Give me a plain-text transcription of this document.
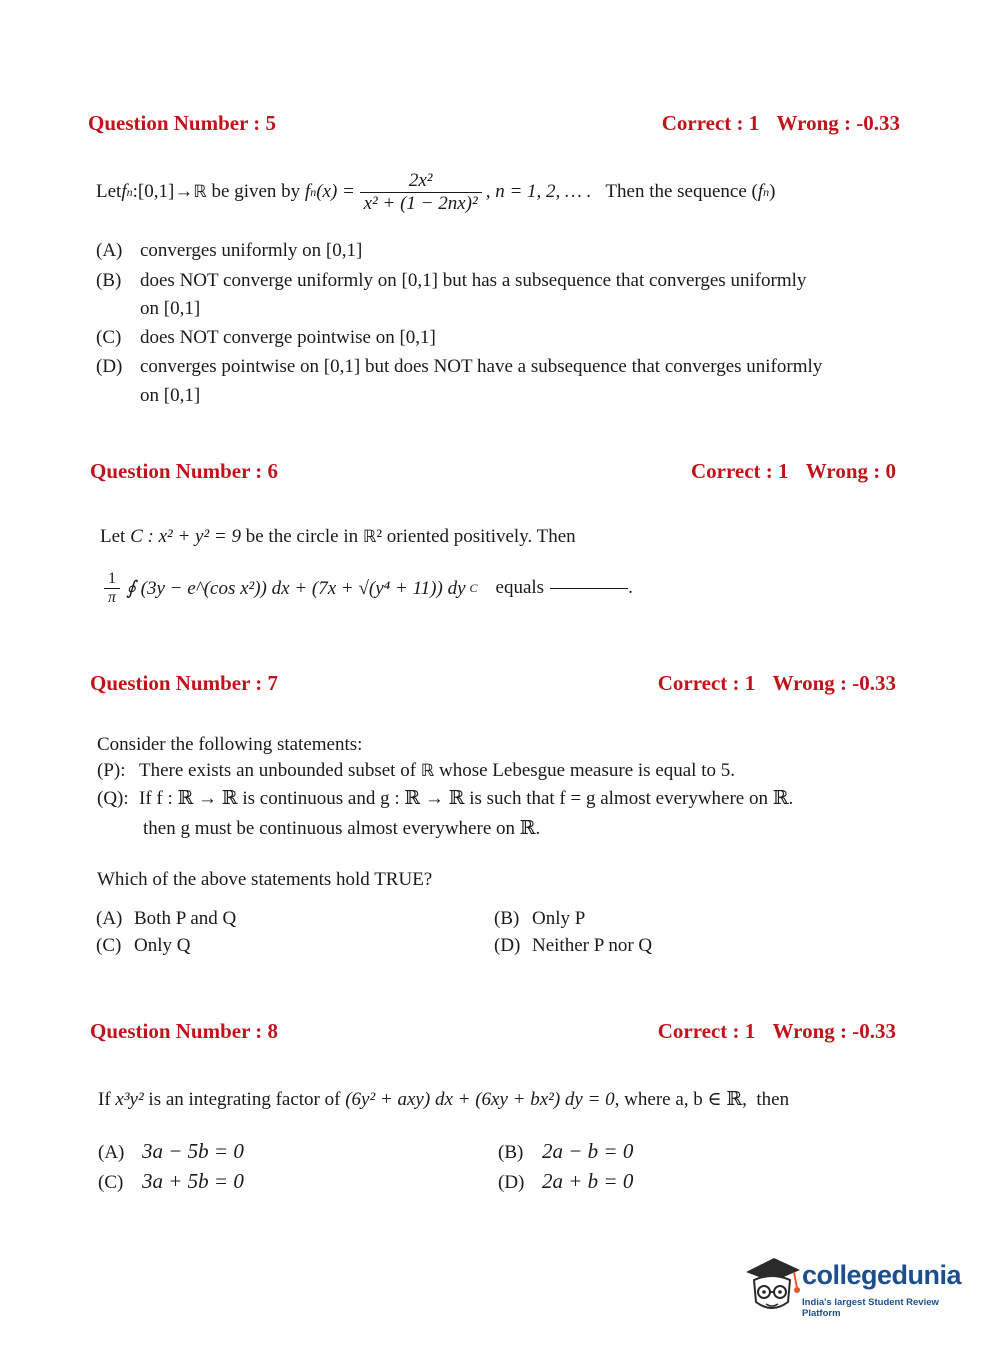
Question Number : 5	Correct : 1 Wrong : -0.33
Let f n :[0,1]→ ℝ be given by f n $(x) = \frac{\text{2x²}}{\text{x² + (1 − 2nx)²}}$ , n = 1, 2, … . Then the sequence ( f n )
(A) converges uniformly on [0,1]
(B) does NOT converge uniformly on [0,1] but has a subsequence that converges uniformly
on [0,1]
(C) does NOT converge pointwise on [0,1]
(D) converges pointwise on [0,1] but does NOT have a subsequence that converges uniformly
on [0,1]
Question Number : 6	Correct : 1 Wrong : 0
Let C : x² + y² = 9 be the circle in ℝ² oriented positively. Then
$\frac{1}{\pi}$ ∮ (3y − e^(cos x²)) dx + (7x + √(y⁴ + 11)) dy C equals	.
Question Number : 7	Correct : 1 Wrong : -0.33
Consider the following statements:
(P): There exists an unbounded subset of ℝ whose Lebesgue measure is equal to 5.
(Q): If f : ℝ → ℝ is continuous and g : ℝ → ℝ is such that f = g almost everywhere on ℝ.
then g must be continuous almost everywhere on ℝ.
Which of the above statements hold TRUE?
(A) Both P and Q	(B) Only P
(C) Only Q	(D) Neither P nor Q
Question Number : 8	Correct : 1 Wrong : -0.33
If x³y² is an integrating factor of (6y² + axy) dx + (6xy + bx²) dy = 0, where a, b ∈ ℝ,  then
(A) 3a − 5b = 0	(B) 2a − b = 0
(C) 3a + 5b = 0	(D) 2a + b = 0
collegedunia
India's largest Student Review Platform
